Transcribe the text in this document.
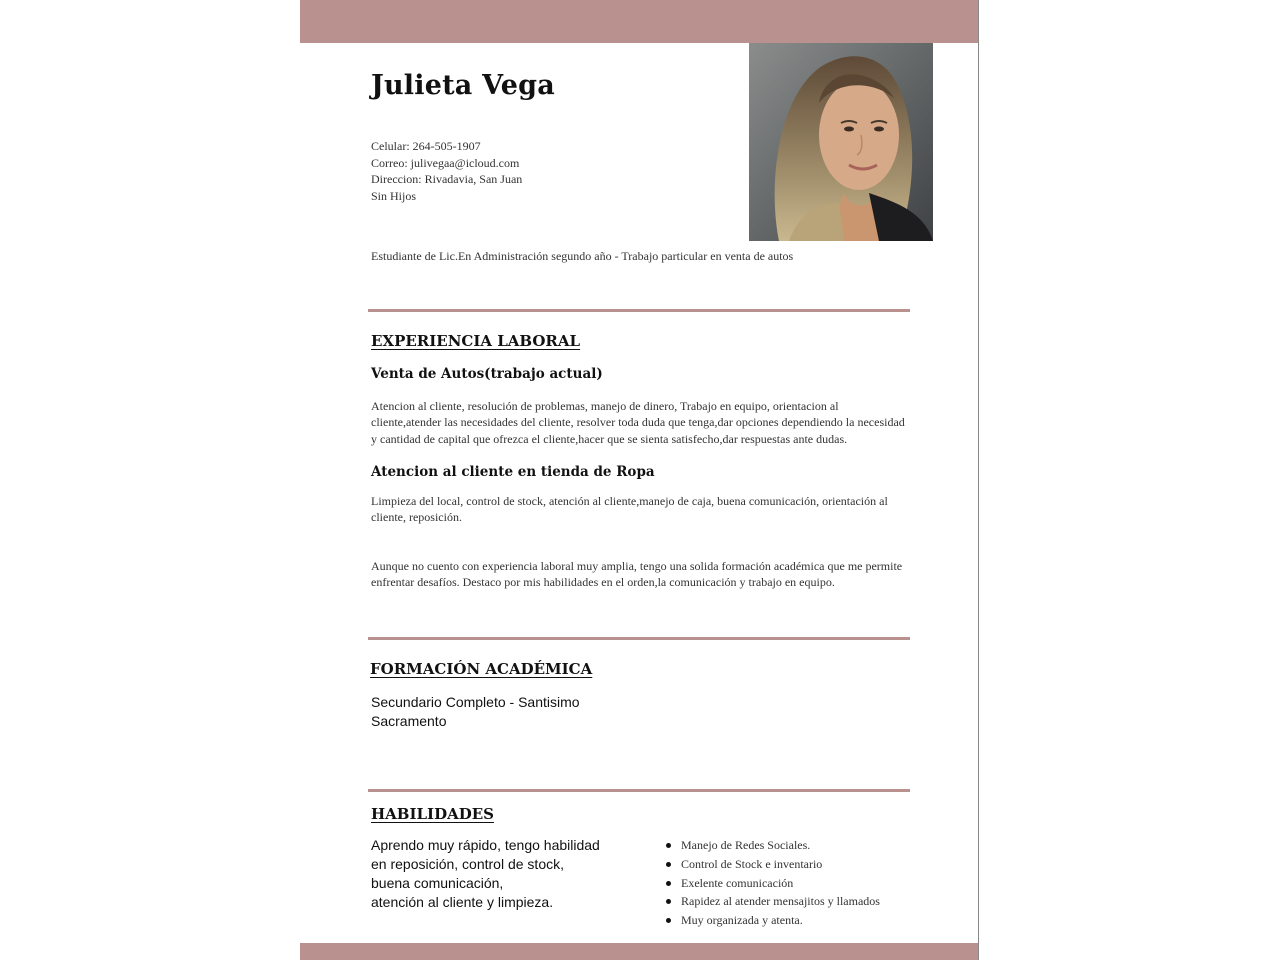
Julieta Vega
Celular: 264-505-1907
Correo: julivegaa@icloud.com
Direccion: Rivadavia, San Juan
Sin Hijos
Estudiante de Lic.En Administración segundo año - Trabajo particular en venta de autos
EXPERIENCIA LABORAL
Venta de Autos(trabajo actual)

Atencion al cliente, resolución de problemas, manejo de dinero, Trabajo en equipo, orientacion al cliente,atender las necesidades del cliente, resolver toda duda que tenga,dar opciones dependiendo la necesidad y cantidad de capital que ofrezca el cliente,hacer que se sienta satisfecho,dar respuestas ante dudas.

Atencion al cliente en tienda de Ropa

Limpieza del local, control de stock, atención al cliente,manejo de caja, buena comunicación, orientación al cliente, reposición.

Aunque no cuento con experiencia laboral muy amplia, tengo una solida formación académica que me permite enfrentar desafíos. Destaco por mis habilidades en el orden,la comunicación y trabajo en equipo.

FORMACIÓN ACADÉMICA
Secundario Completo - Santisimo
Sacramento
HABILIDADES
Aprendo muy rápido, tengo habilidad
en reposición, control de stock,
buena comunicación,
atención al cliente y limpieza.
Manejo de Redes Sociales.
Control de Stock e inventario
Exelente comunicación
Rapidez al atender mensajitos y llamados
Muy organizada y atenta.
